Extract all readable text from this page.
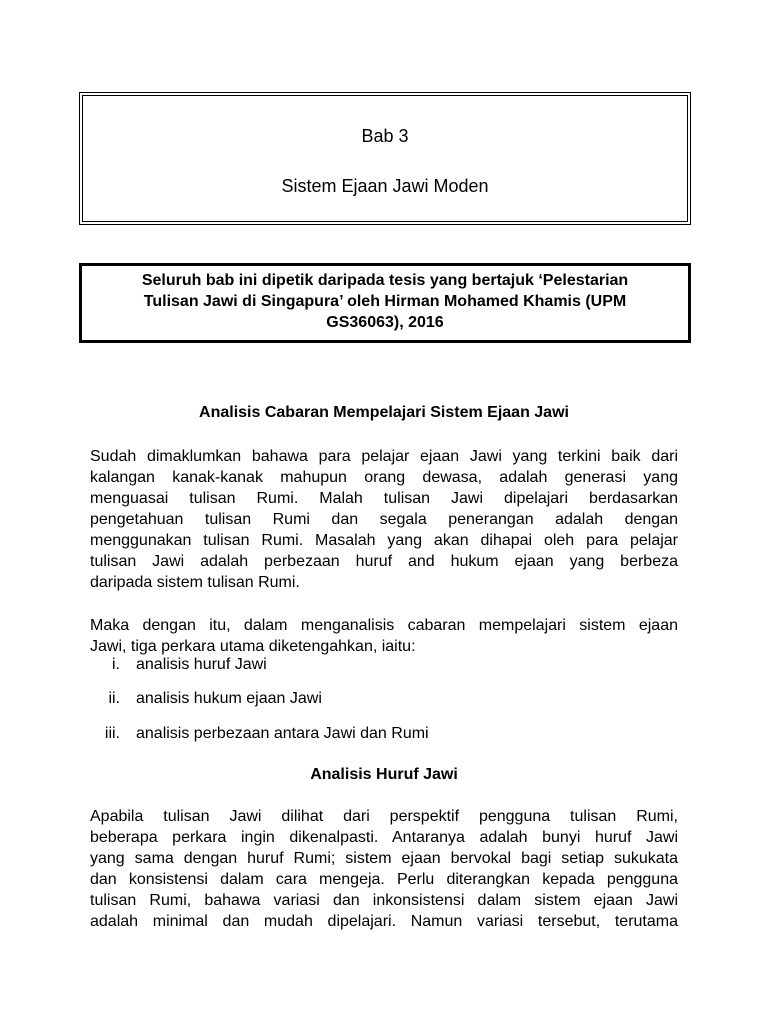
Bab 3
Sistem Ejaan Jawi Moden
Seluruh bab ini dipetik daripada tesis yang bertajuk ‘Pelestarian
Tulisan Jawi di Singapura’ oleh Hirman Mohamed Khamis (UPM
GS36063), 2016
Analisis Cabaran Mempelajari Sistem Ejaan Jawi
Sudah dimaklumkan bahawa para pelajar ejaan Jawi yang terkini baik dari
kalangan kanak-kanak mahupun orang dewasa, adalah generasi yang
menguasai tulisan Rumi. Malah tulisan Jawi dipelajari berdasarkan
pengetahuan tulisan Rumi dan segala penerangan adalah dengan
menggunakan tulisan Rumi. Masalah yang akan dihapai oleh para pelajar
tulisan Jawi adalah perbezaan huruf and hukum ejaan yang berbeza
daripada sistem tulisan Rumi.
Maka dengan itu, dalam menganalisis cabaran mempelajari sistem ejaan
Jawi, tiga perkara utama diketengahkan, iaitu:
i. analisis huruf Jawi
ii. analisis hukum ejaan Jawi
iii. analisis perbezaan antara Jawi dan Rumi
Analisis Huruf Jawi
Apabila tulisan Jawi dilihat dari perspektif pengguna tulisan Rumi,
beberapa perkara ingin dikenalpasti. Antaranya adalah bunyi huruf Jawi
yang sama dengan huruf Rumi; sistem ejaan bervokal bagi setiap sukukata
dan konsistensi dalam cara mengeja. Perlu diterangkan kepada pengguna
tulisan Rumi, bahawa variasi dan inkonsistensi dalam sistem ejaan Jawi
adalah minimal dan mudah dipelajari. Namun variasi tersebut, terutama
